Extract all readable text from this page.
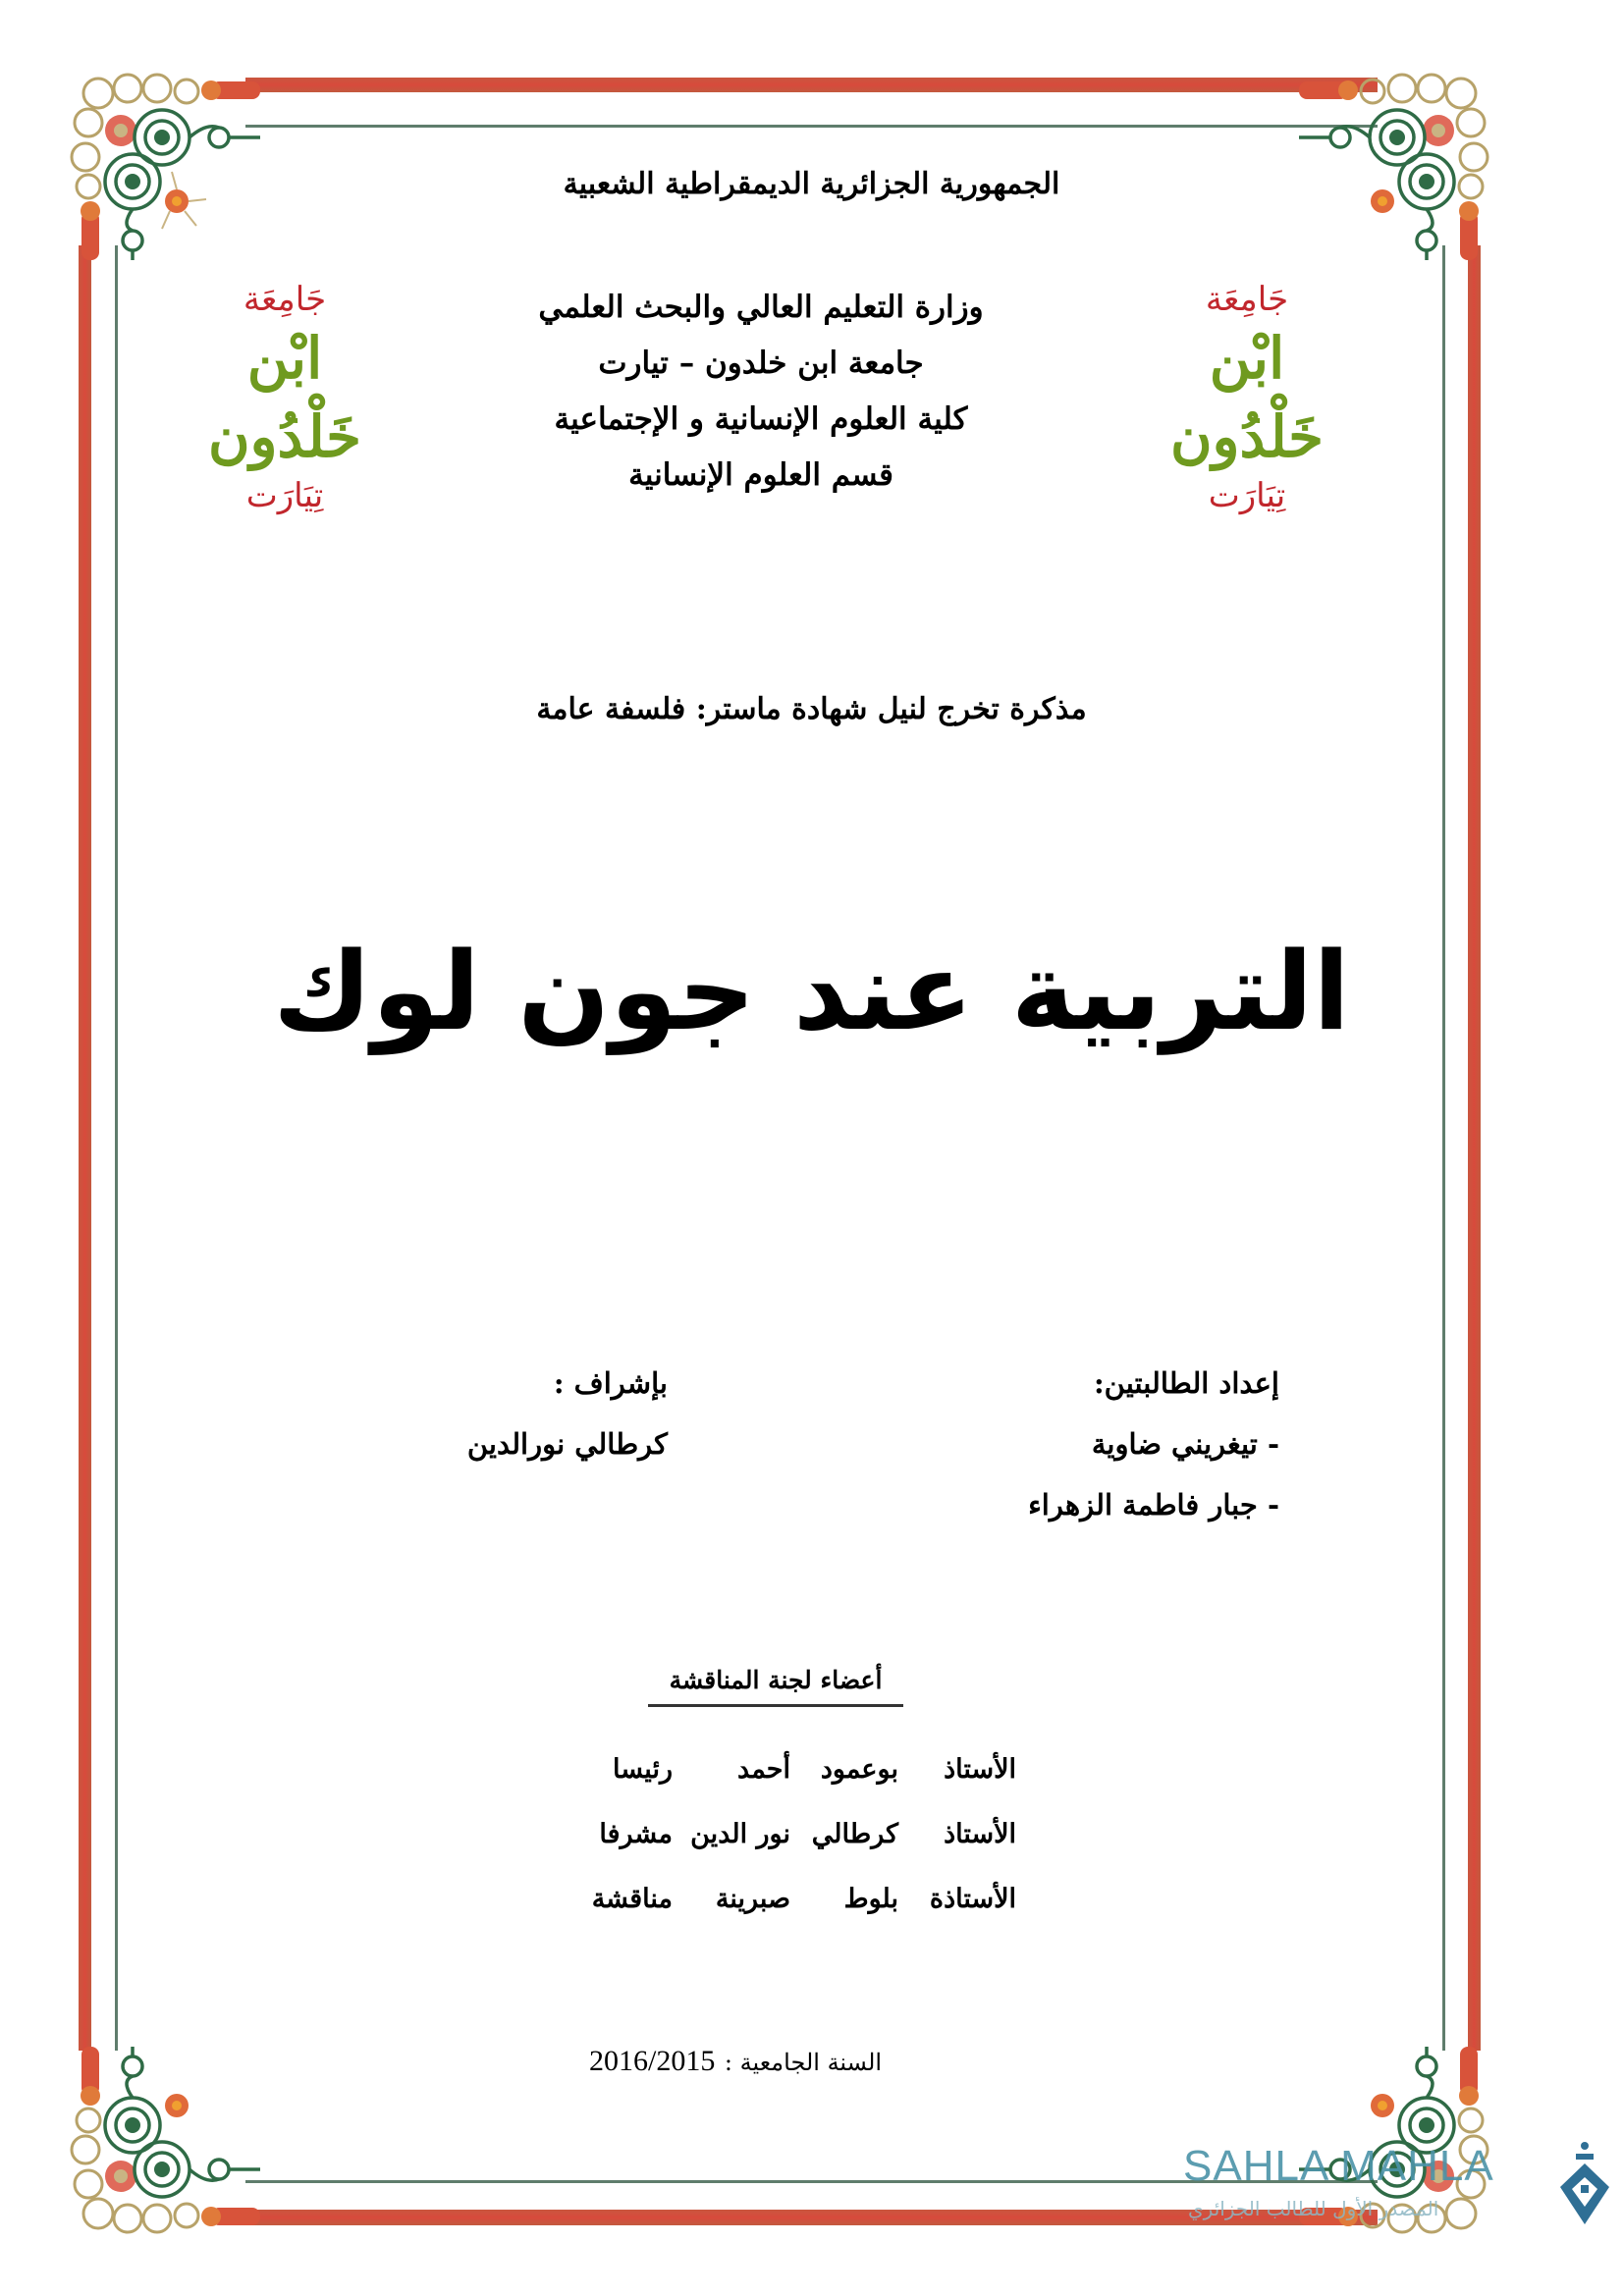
الجمهورية الجزائرية الديمقراطية الشعبية
جَامِعَة
ابْن خَلْدُون
تِيَارَت
وزارة التعليم العالي والبحث العلمي
جامعة ابن خلدون – تيارت
كلية العلوم الإنسانية و الإجتماعية
قسم العلوم الإنسانية
جَامِعَة
ابْن خَلْدُون
تِيَارَت
مذكرة تخرج لنيل شهادة ماستر: فلسفة عامة
التربية عند جون لوك
إعداد الطالبتين:
- تيغريني ضاوية
- جبار فاطمة الزهراء
بإشراف :
كرطالي نورالدين
أعضاء لجنة المناقشة
الأستاذ
بوعمود
أحمد
رئيسا
الأستاذ
كرطالي
نور الدين
مشرفا
الأستاذة
بلوط
صبرينة
مناقشة
السنة الجامعية : 2016/2015
SAHLA MAHLA
المصدر الأول للطالب الجزائري
